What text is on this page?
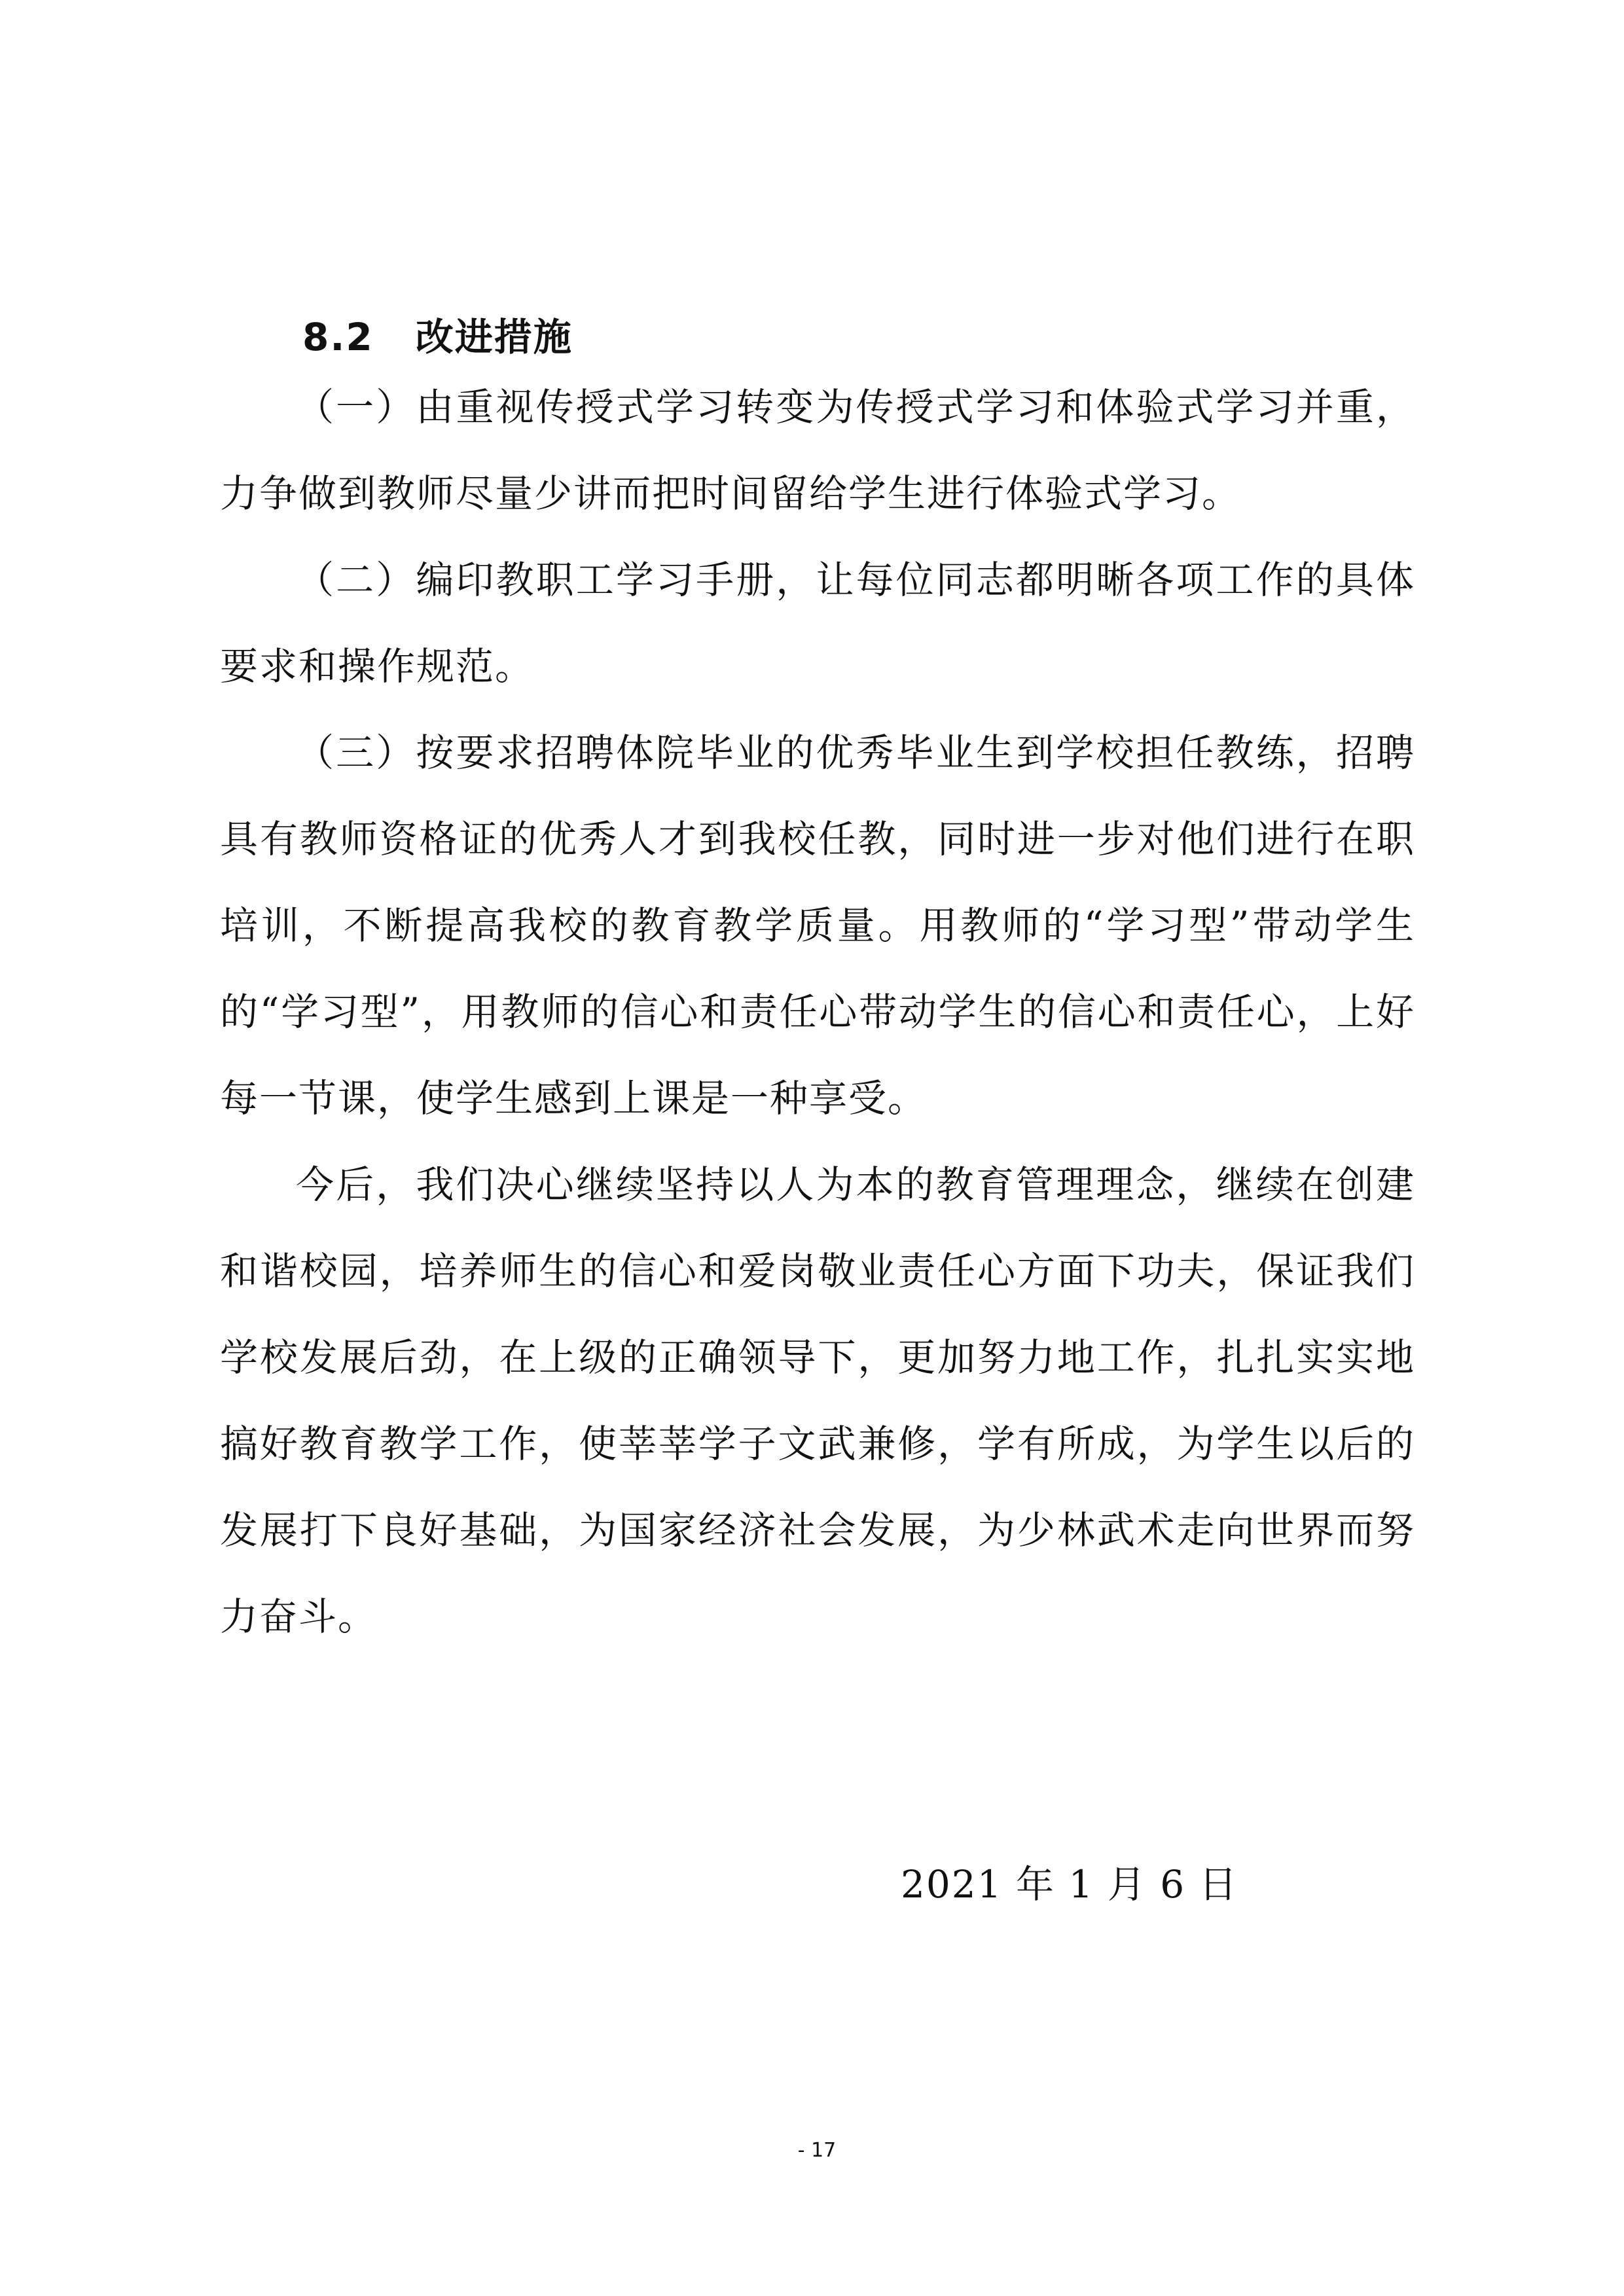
8.2 改进措施

（一）由重视传授式学习转变为传授式学习和体验式学习并重，力争做到教师尽量少讲而把时间留给学生进行体验式学习。

（二）编印教职工学习手册，让每位同志都明晰各项工作的具体要求和操作规范。

（三）按要求招聘体院毕业的优秀毕业生到学校担任教练，招聘具有教师资格证的优秀人才到我校任教，同时进一步对他们进行在职培训，不断提高我校的教育教学质量。用教师的“学习型”带动学生的“学习型”，用教师的信心和责任心带动学生的信心和责任心，上好每一节课，使学生感到上课是一种享受。

今后，我们决心继续坚持以人为本的教育管理理念，继续在创建和谐校园，培养师生的信心和爱岗敬业责任心方面下功夫，保证我们学校发展后劲，在上级的正确领导下，更加努力地工作，扎扎实实地搞好教育教学工作，使莘莘学子文武兼修，学有所成，为学生以后的发展打下良好基础，为国家经济社会发展，为少林武术走向世界而努力奋斗。

2021 年 1 月 6 日
- 17
